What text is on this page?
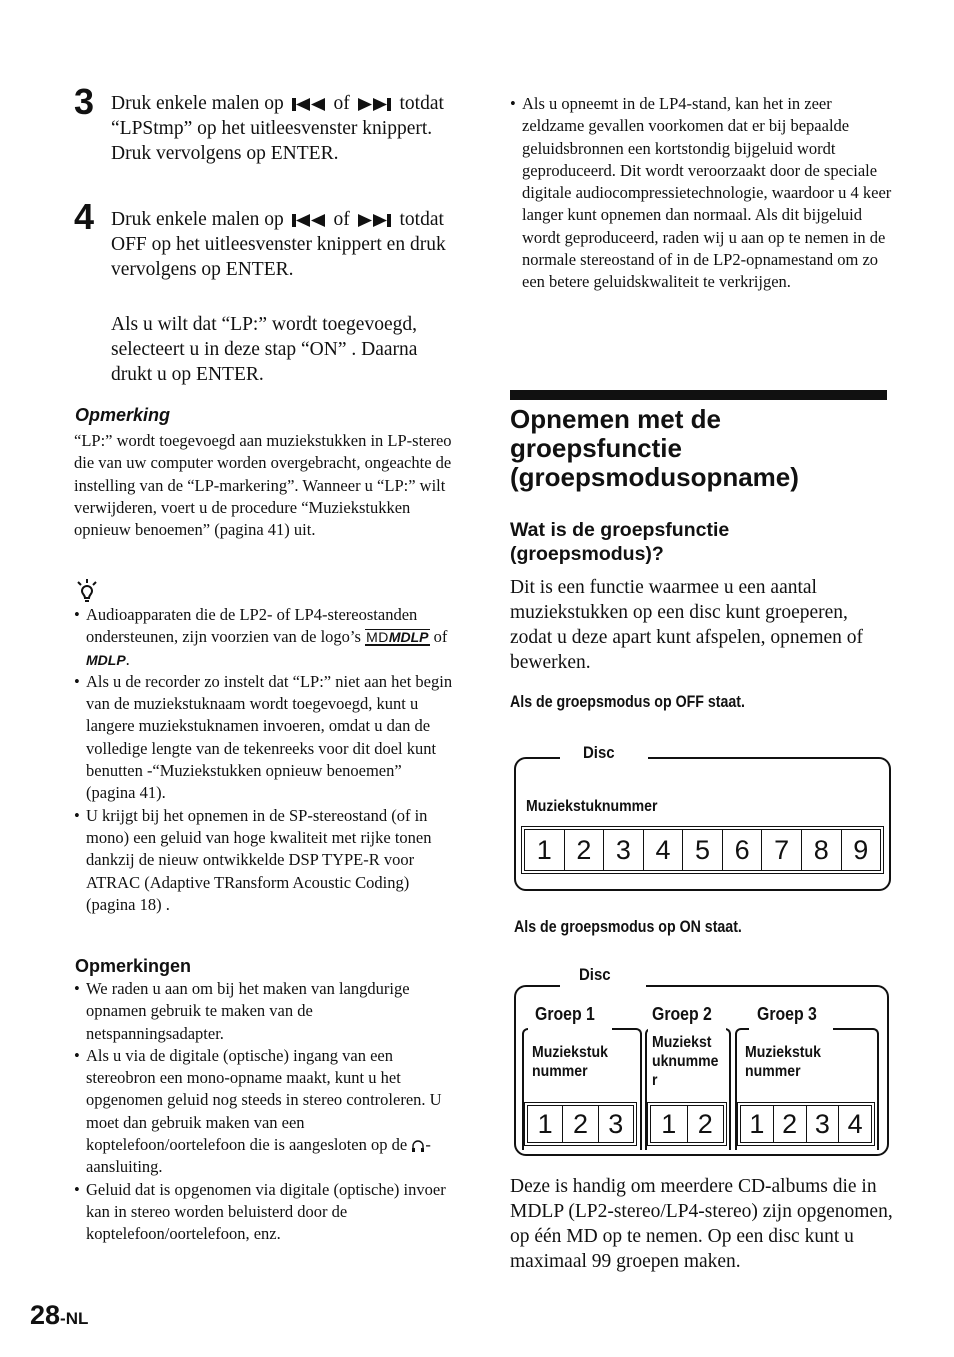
3 Druk enkele malen op	of	totdat “LPStmp” op het uitleesvenster knippert. Druk vervolgens op ENTER.
4 Druk enkele malen op	of	totdat OFF op het uitleesvenster knippert en druk vervolgens op ENTER.
Als u wilt dat “LP:” wordt toegevoegd, selecteert u in deze stap “ON” . Daarna drukt u op ENTER.
Opmerking
“LP:” wordt toegevoegd aan muziekstukken in LP-stereo die van uw computer worden overgebracht, ongeachte de instelling van de “LP-markering”. Wanneer u “LP:” wilt verwijderen, voert u de procedure “Muziekstukken opnieuw benoemen” (pagina 41) uit.
• Audioapparaten die de LP2- of LP4-stereostanden ondersteunen, zijn voorzien van de logo’s MDMDLP of MDLP.
• Als u de recorder zo instelt dat “LP:” niet aan het begin van de muziekstuknaam wordt toegevoegd, kunt u langere muziekstuknamen invoeren, omdat u dan de volledige lengte van de tekenreeks voor dit doel kunt benutten -“Muziekstukken opnieuw benoemen” (pagina 41).
• U krijgt bij het opnemen in de SP-stereostand (of in mono) een geluid van hoge kwaliteit met rijke tonen dankzij de nieuw ontwikkelde DSP TYPE-R voor ATRAC (Adaptive TRansform Acoustic Coding) (pagina 18) .
Opmerkingen
• We raden u aan om bij het maken van langdurige opnamen gebruik te maken van de netspanningsadapter.
• Als u via de digitale (optische) ingang van een stereobron een mono-opname maakt, kunt u het opgenomen geluid nog steeds in stereo controleren. U moet dan gebruik maken van een koptelefoon/oortelefoon die is aangesloten op de -aansluiting.
• Geluid dat is opgenomen via digitale (optische) invoer kan in stereo worden beluisterd door de koptelefoon/oortelefoon, enz.
28-NL
• Als u opneemt in de LP4-stand, kan het in zeer zeldzame gevallen voorkomen dat er bij bepaalde geluidsbronnen een kortstondig bijgeluid wordt geproduceerd. Dit wordt veroorzaakt door de speciale digitale audiocompressietechnologie, waardoor u 4 keer langer kunt opnemen dan normaal. Als dit bijgeluid wordt geproduceerd, raden wij u aan op te nemen in de normale stereostand of in de LP2-opnamestand om zo een betere geluidskwaliteit te verkrijgen.
Opnemen met de groepsfunctie (groepsmodusopname)
Wat is de groepsfunctie (groepsmodus)?
Dit is een functie waarmee u een aantal muziekstukken op een disc kunt groeperen, zodat u deze apart kunt afspelen, opnemen of bewerken.
Als de groepsmodus op OFF staat.
Disc
Muziekstuknummer
1 2 3 4 5 6 7 8 9
Als de groepsmodus op ON staat.
Disc
Groep 1
Muziekstuk nummer
1 2 3
Groep 2
Muziekst uknumme r
1 2
Groep 3
Muziekstuk nummer
1 2 3 4
Deze is handig om meerdere CD-albums die in MDLP (LP2-stereo/LP4-stereo) zijn opgenomen, op één MD op te nemen. Op een disc kunt u maximaal 99 groepen maken.
